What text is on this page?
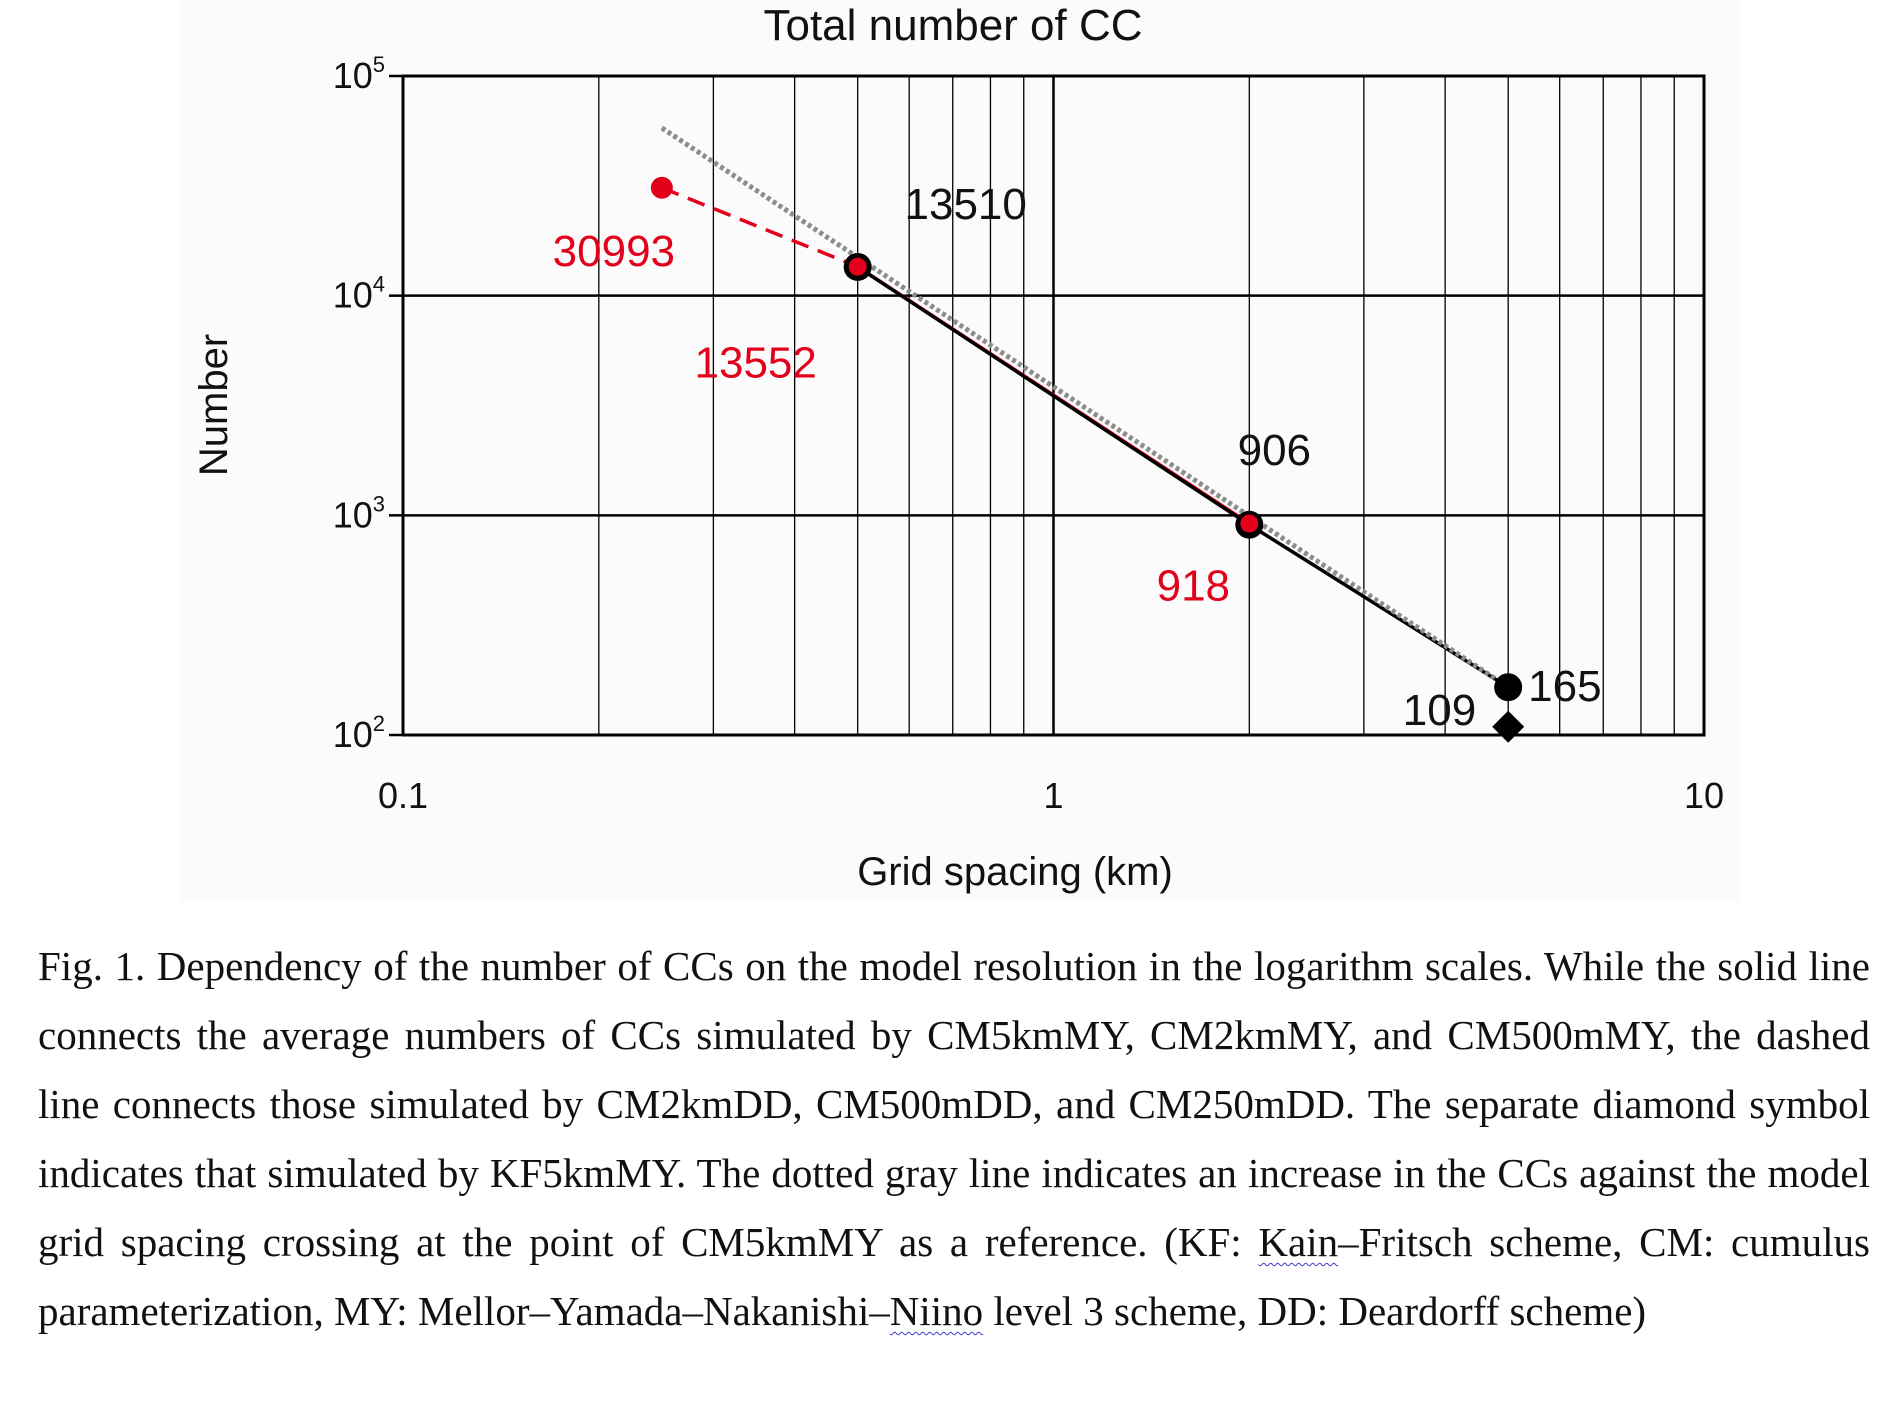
13510
906
165
30993
13552
918
109
$10^2$
$10^3$
$10^4$
$10^5$
0.1	1	10
Total number of CC
Grid spacing (km)
Number
Fig. 1. Dependency of the number of CCs on the model resolution in the logarithm scales. While the solid line connects the average numbers of CCs simulated by CM5kmMY, CM2kmMY, and CM500mMY, the dashed line connects those simulated by CM2kmDD, CM500mDD, and CM250mDD. The separate diamond symbol indicates that simulated by KF5kmMY. The dotted gray line indicates an increase in the CCs against the model grid spacing crossing at the point of CM5kmMY as a reference. (KF: Kain–Fritsch scheme, CM: cumulus parameterization, MY: Mellor–Yamada–Nakanishi–Niino level 3 scheme, DD: Deardorff scheme)
